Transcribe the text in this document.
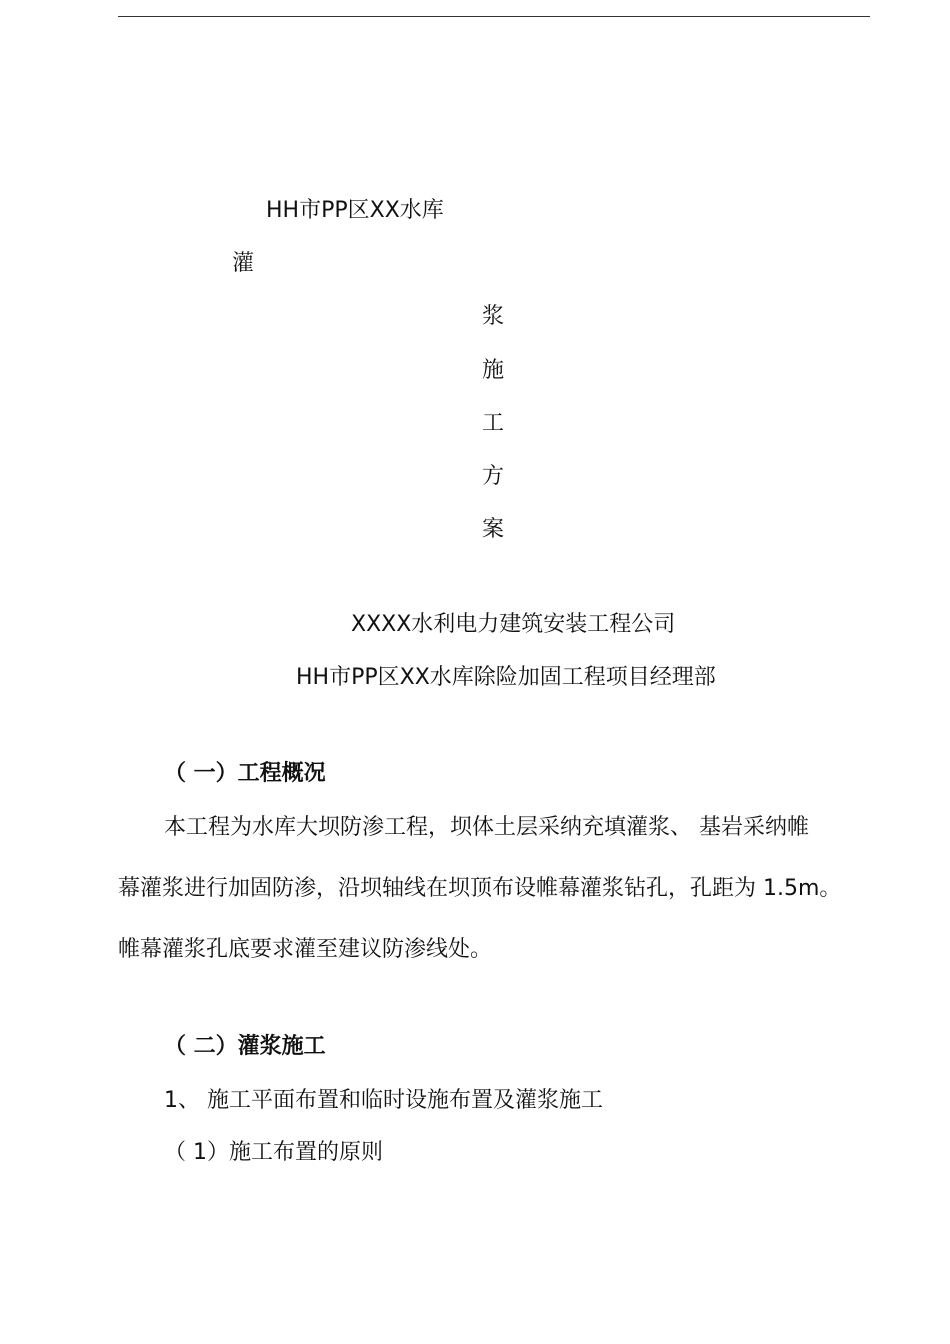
HH市PP区XX水库
灌
浆
施
工
方
案
XXXX水利电力建筑安装工程公司
HH市PP区XX水库除险加固工程项目经理部
（ 一）工程概况
本工程为水库大坝防渗工程，坝体土层采纳充填灌浆、 基岩采纳帷
幕灌浆进行加固防渗，沿坝轴线在坝顶布设帷幕灌浆钻孔，孔距为 1.5m。
帷幕灌浆孔底要求灌至建议防渗线处。
（ 二）灌浆施工
1、 施工平面布置和临时设施布置及灌浆施工
（ 1）施工布置的原则
